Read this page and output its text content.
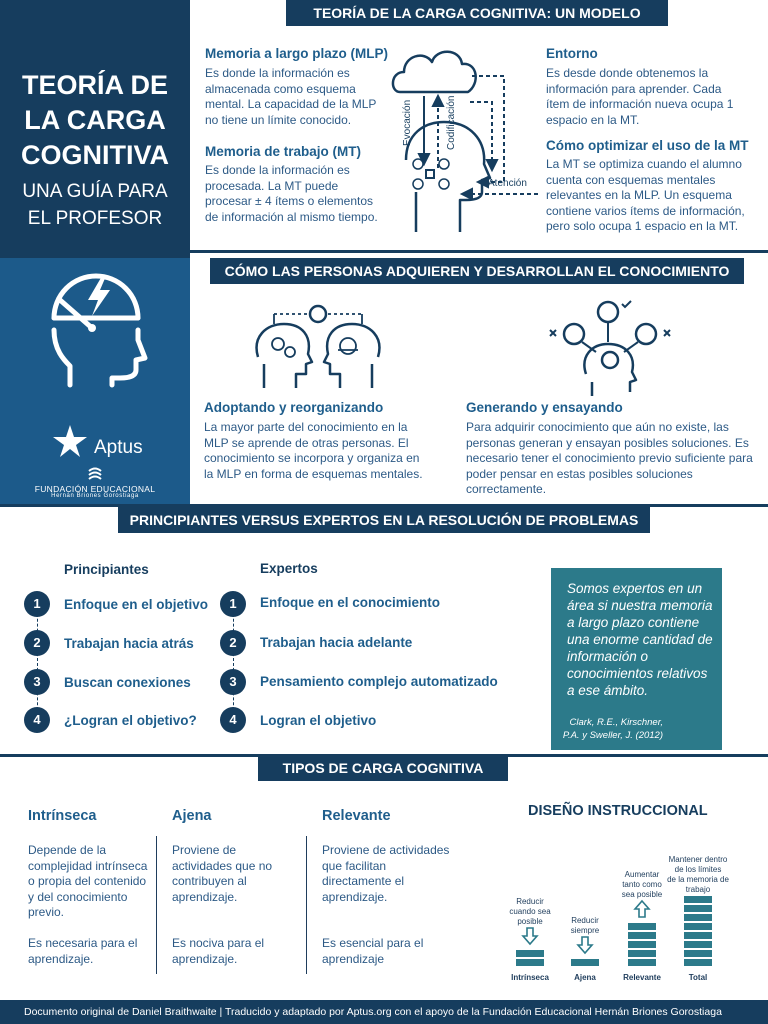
TEORÍA DE
LA CARGA
COGNITIVA
UNA GUÍA PARA
EL PROFESOR
Aptus
FUNDACIÓN EDUCACIONAL
Hernán Briones Gorostiaga
TEORÍA DE LA CARGA COGNITIVA: UN MODELO
Memoria a largo plazo (MLP)
Es donde la información es almacenada como esquema mental. La capacidad de la MLP no tiene un límite conocido.
Memoria de trabajo (MT)
Es donde la información es procesada. La MT puede procesar ± 4 ítems o elementos de información al mismo tiempo.
Entorno
Es desde donde obtenemos la información para aprender. Cada ítem de información nueva ocupa 1 espacio en la MT.
Cómo optimizar el uso de la MT
La MT se optimiza cuando el alumno cuenta con esquemas mentales relevantes en la MLP. Un esquema contiene varios ítems de información, pero solo ocupa 1 espacio en la MT.
Evocación	Codificación
Atención
CÓMO LAS PERSONAS ADQUIEREN Y DESARROLLAN EL CONOCIMIENTO
Adoptando y reorganizando
La mayor parte del conocimiento en la MLP se aprende de otras personas. El conocimiento se incorpora y organiza en la MLP en forma de esquemas mentales.
Generando y ensayando
Para adquirir conocimiento que aún no existe, las personas generan y ensayan posibles soluciones. Es necesario tener el conocimiento previo suficiente para poder pensar en estas posibles soluciones correctamente.
PRINCIPIANTES VERSUS EXPERTOS EN LA RESOLUCIÓN DE PROBLEMAS
Principiantes	Expertos
1
2
3
4
Enfoque en el objetivo
Trabajan hacia atrás
Buscan conexiones
¿Logran el objetivo?
1
2
3
4
Enfoque en el conocimiento
Trabajan hacia adelante
Pensamiento complejo automatizado
Logran el objetivo
Somos expertos en un área si nuestra memoria a largo plazo contiene una enorme cantidad de información o conocimientos relativos a ese ámbito.
Clark, R.E., Kirschner, P.A. y Sweller, J. (2012)
TIPOS DE CARGA COGNITIVA
Intrínseca
Depende de la complejidad intrínseca o propia del contenido y del conocimiento previo.
Es necesaria para el aprendizaje.
Ajena
Proviene de actividades que no contribuyen al aprendizaje.
Es nociva para el aprendizaje.
Relevante
Proviene de actividades que facilitan directamente el aprendizaje.
Es esencial para el aprendizaje
DISEÑO INSTRUCCIONAL
Reducir
cuando sea
posible
Intrínseca
Reducir
siempre
Ajena
Aumentar
tanto como
sea posible
Relevante
Mantener dentro
de los límites
de la memoria de
trabajo
Total
Documento original de Daniel Braithwaite | Traducido y adaptado por Aptus.org con el apoyo de la Fundación Educacional Hernán Briones Gorostiaga
